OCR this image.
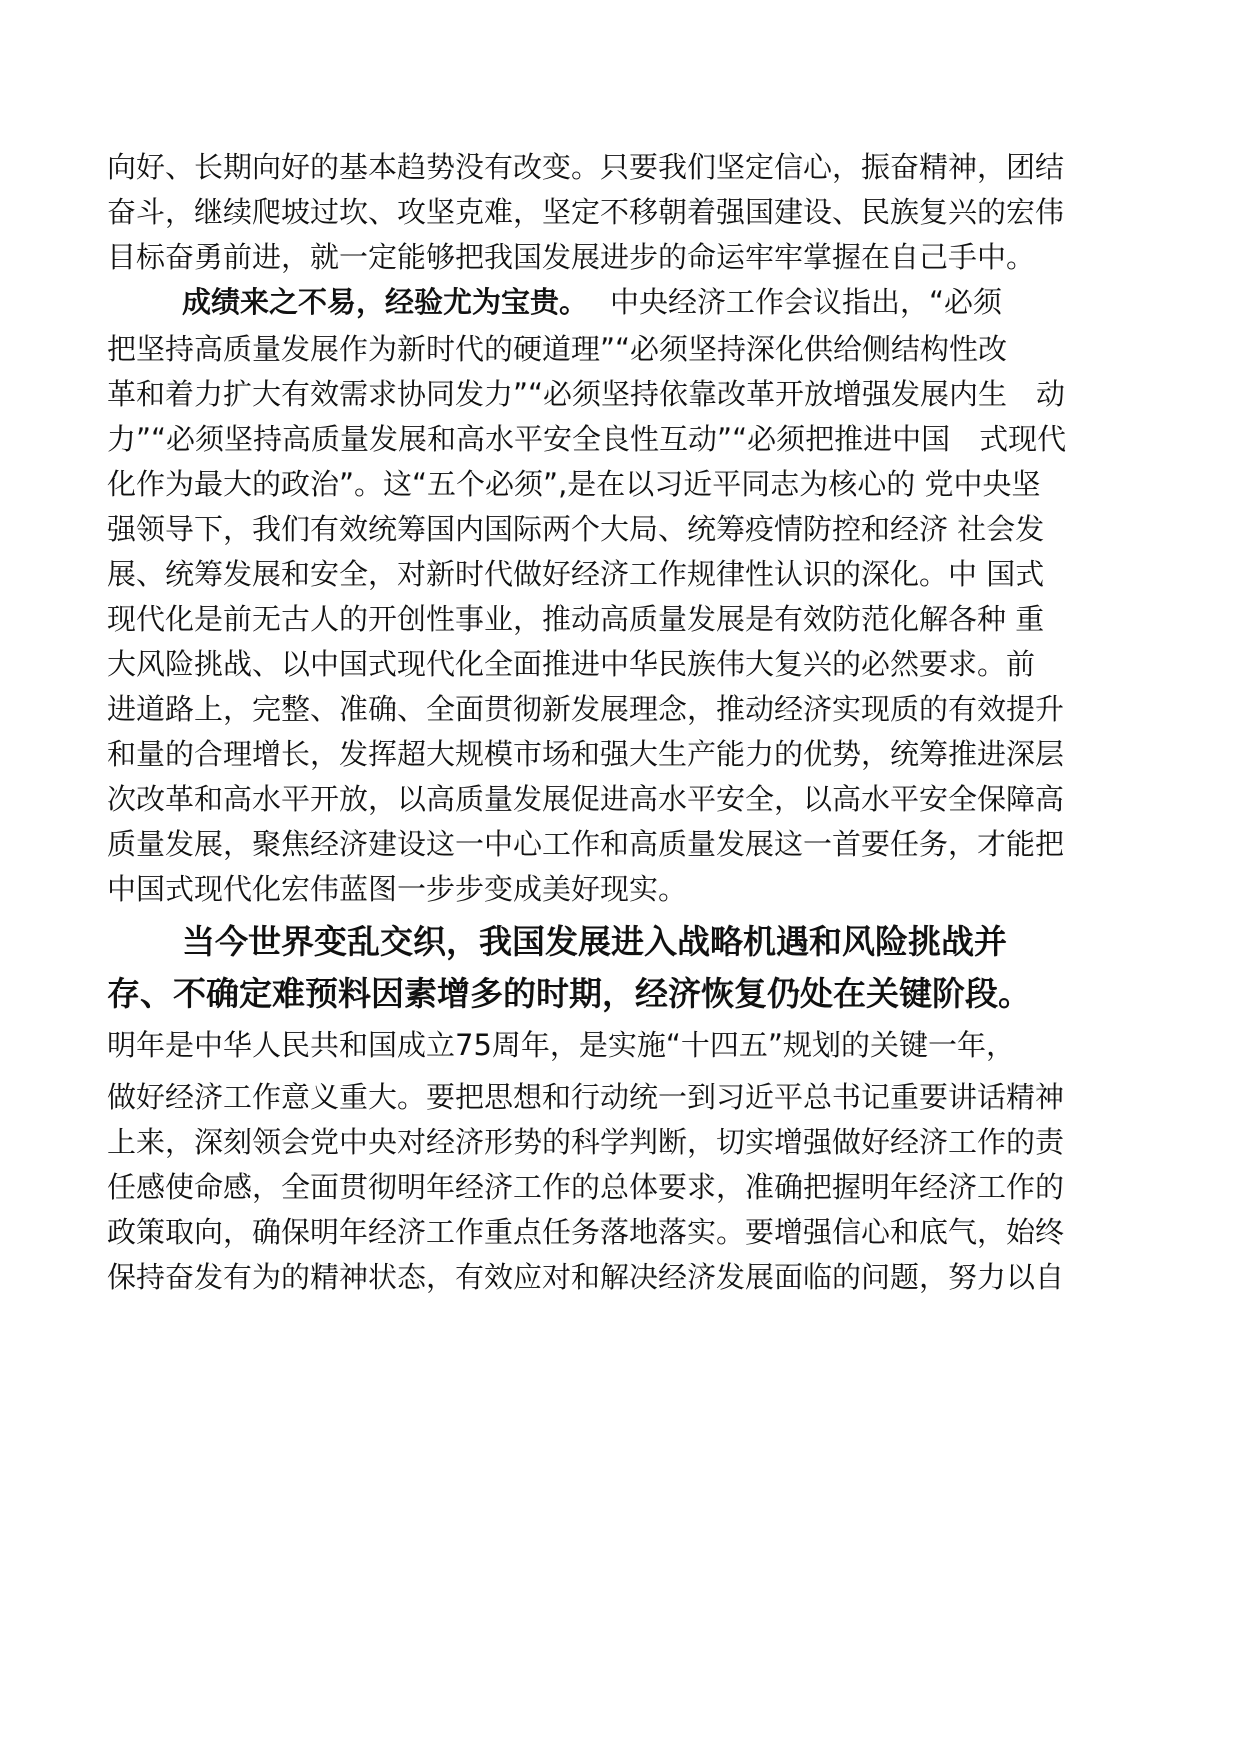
向好、长期向好的基本趋势没有改变。只要我们坚定信心，振奋精神，团结
奋斗，继续爬坡过坎、攻坚克难，坚定不移朝着强国建设、民族复兴的宏伟
目标奋勇前进，就一定能够把我国发展进步的命运牢牢掌握在自己手中。
成绩来之不易，经验尤为宝贵。 中央经济工作会议指出，“必须
把坚持高质量发展作为新时代的硬道理”“必须坚持深化供给侧结构性改
革和着力扩大有效需求协同发力”“必须坚持依靠改革开放增强发展内生　动
力”“必须坚持高质量发展和高水平安全良性互动”“必须把推进中国　式现代
化作为最大的政治”。这“五个必须”,是在以习近平同志为核心的 党中央坚
强领导下，我们有效统筹国内国际两个大局、统筹疫情防控和经济 社会发
展、统筹发展和安全，对新时代做好经济工作规律性认识的深化。中 国式
现代化是前无古人的开创性事业，推动高质量发展是有效防范化解各种 重
大风险挑战、以中国式现代化全面推进中华民族伟大复兴的必然要求。前
进道路上，完整、准确、全面贯彻新发展理念，推动经济实现质的有效提升
和量的合理增长，发挥超大规模市场和强大生产能力的优势，统筹推进深层
次改革和高水平开放，以高质量发展促进高水平安全，以高水平安全保障高
质量发展，聚焦经济建设这一中心工作和高质量发展这一首要任务，才能把
中国式现代化宏伟蓝图一步步变成美好现实。
当今世界变乱交织，我国发展进入战略机遇和风险挑战并
存、不确定难预料因素增多的时期，经济恢复仍处在关键阶段。
明年是中华人民共和国成立75周年，是实施“十四五”规划的关键一年，
做好经济工作意义重大。要把思想和行动统一到习近平总书记重要讲话精神
上来，深刻领会党中央对经济形势的科学判断，切实增强做好经济工作的责
任感使命感，全面贯彻明年经济工作的总体要求，准确把握明年经济工作的
政策取向，确保明年经济工作重点任务落地落实。要增强信心和底气，始终
保持奋发有为的精神状态，有效应对和解决经济发展面临的问题，努力以自
